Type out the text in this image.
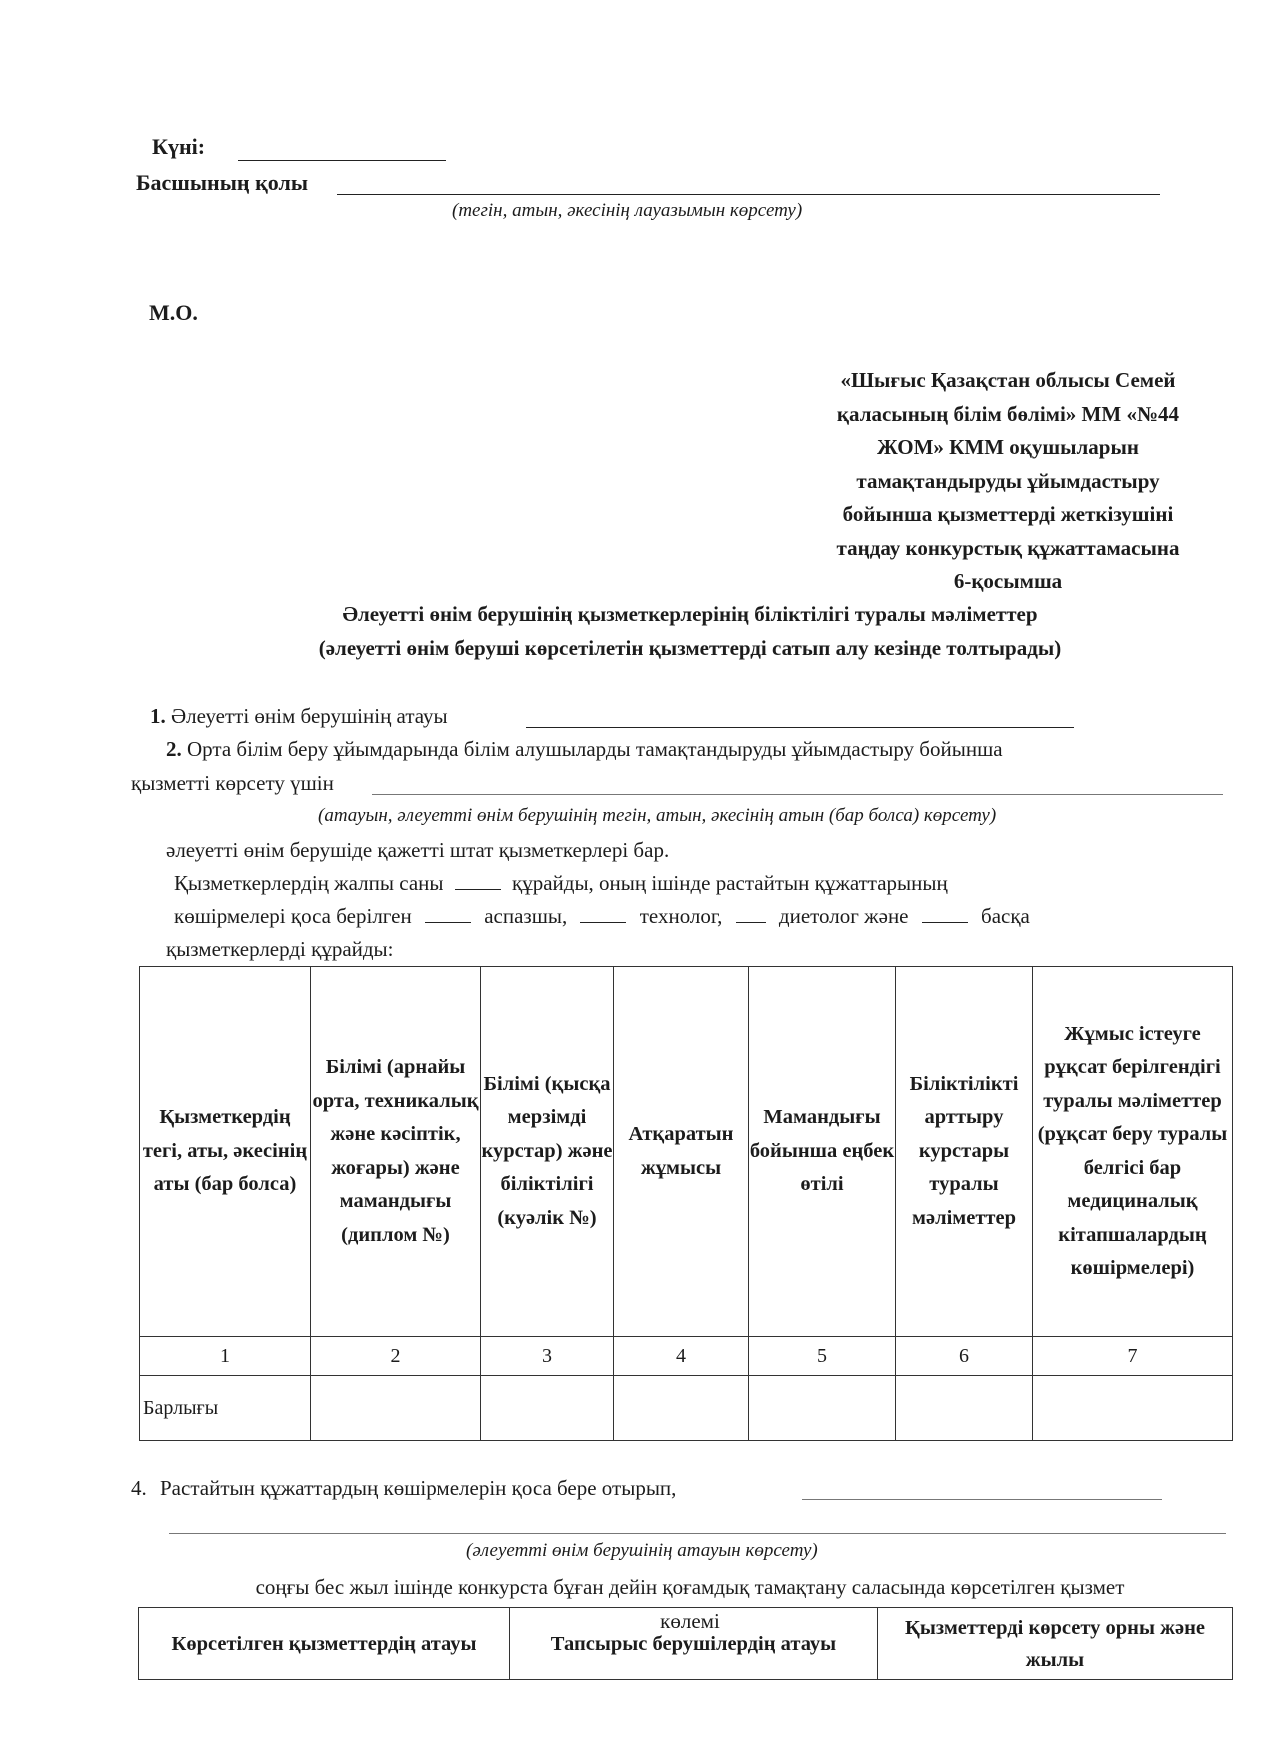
Күні:
Басшының қолы
(тегін, атын, әкесінің лауазымын көрсету)
М.О.
«Шығыс Қазақстан облысы Семей
қаласының білім бөлімі» ММ «№44
ЖОМ» КММ оқушыларын
тамақтандыруды ұйымдастыру
бойынша қызметтерді жеткізушіні
таңдау конкурстық құжаттамасына
6-қосымша
Әлеуетті өнім берушінің қызметкерлерінің біліктілігі туралы мәліметтер
(әлеуетті өнім беруші көрсетілетін қызметтерді сатып алу кезінде толтырады)
1. Әлеуетті өнім берушінің атауы
2. Орта білім беру ұйымдарында білім алушыларды тамақтандыруды ұйымдастыру бойынша
қызметті көрсету үшін
(атауын, әлеуетті өнім берушінің тегін, атын, әкесінің атын (бар болса) көрсету)
әлеуетті өнім берушіде қажетті штат қызметкерлері бар.
Қызметкерлердің жалпы саны	құрайды, оның ішінде растайтын құжаттарының
көшірмелері қоса берілген	аспазшы,	технолог,	диетолог және	басқа
қызметкерлерді құрайды:
Қызметкердің тегі, аты, әкесінің аты (бар болса)	Білімі (арнайы орта, техникалық және кәсіптік, жоғары) және мамандығы (диплом №)	Білімі (қысқа мерзімді курстар) және біліктілігі (куәлік №)	Атқаратын жұмысы	Мамандығы бойынша еңбек өтілі	Біліктілікті арттыру курстары туралы мәліметтер	Жұмыс істеуге рұқсат берілгендігі туралы мәліметтер (рұқсат беру туралы белгісі бар медициналық кітапшалардың көшірмелері)
1	2	3	4	5	6	7
Барлығы						
4. Растайтын құжаттардың көшірмелерін қоса бере отырып,
(әлеуетті өнім берушінің атауын көрсету)
соңғы бес жыл ішінде конкурста бұған дейін қоғамдық тамақтану саласында көрсетілген қызмет
көлемі
Көрсетілген қызметтердің атауы	Тапсырыс берушілердің атауы	Қызметтерді көрсету орны және жылы
